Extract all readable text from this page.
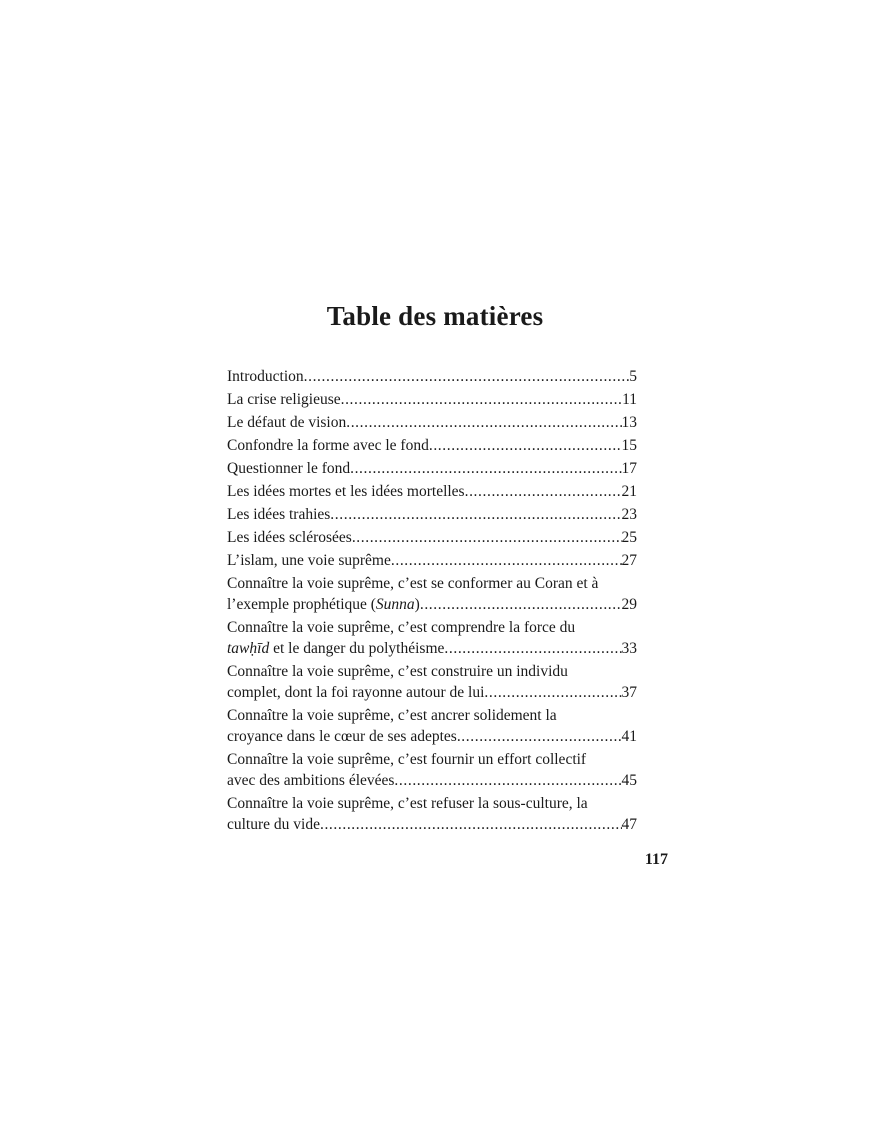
Table des matières
Introduction .....	5
La crise religieuse .....	11
Le défaut de vision .....	13
Confondre la forme avec le fond .....	15
Questionner le fond .....	17
Les idées mortes et les idées mortelles .....	21
Les idées trahies .....	23
Les idées sclérosées .....	25
L’islam, une voie suprême .....	27
Connaître la voie suprême, c’est se conformer au Coran et à
l’exemple prophétique (Sunna) .....	29
Connaître la voie suprême, c’est comprendre la force du
tawḥīd et le danger du polythéisme .....	33
Connaître la voie suprême, c’est construire un individu
complet, dont la foi rayonne autour de lui .....	37
Connaître la voie suprême, c’est ancrer solidement la
croyance dans le cœur de ses adeptes .....	41
Connaître la voie suprême, c’est fournir un effort collectif
avec des ambitions élevées .....	45
Connaître la voie suprême, c’est refuser la sous-culture, la
culture du vide .....	47

117
